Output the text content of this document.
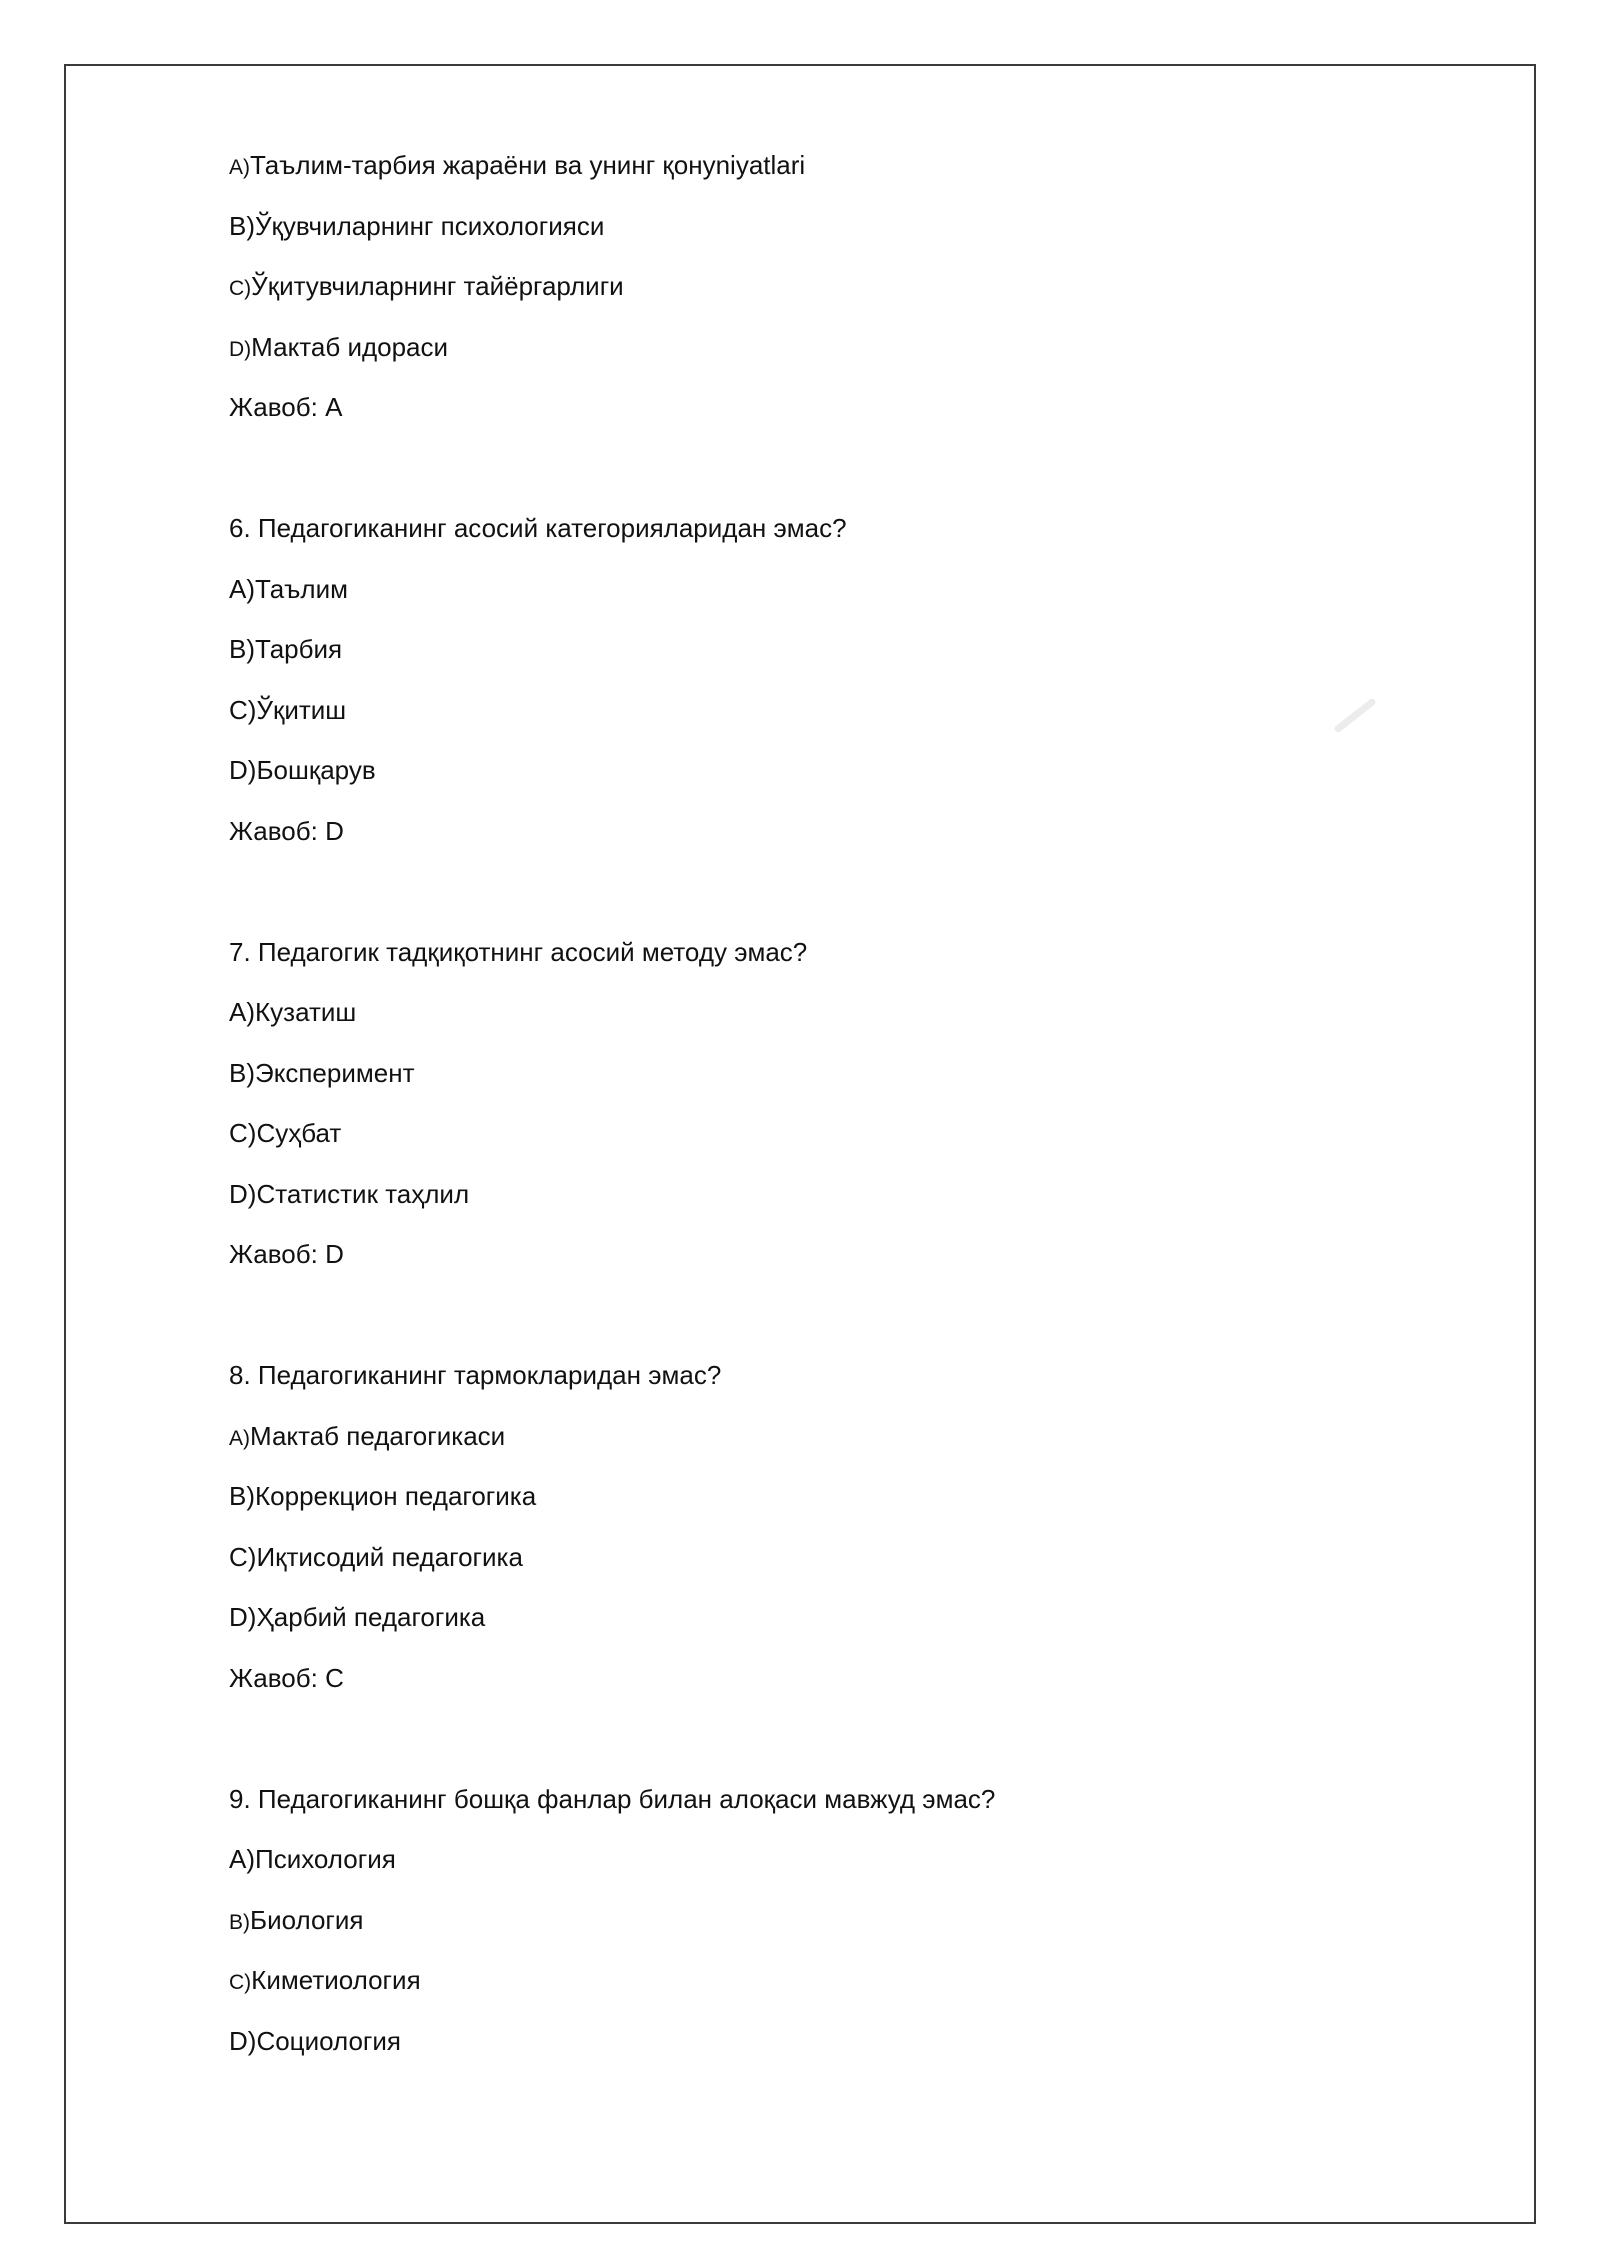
A)Таълим-тарбия жараёни ва унинг қонуniyatlari
B)Ўқувчиларнинг психологияси
C)Ўқитувчиларнинг тайёргарлиги
D)Мактаб идораси
Жавоб: A
6. Педагогиканинг асосий категорияларидан эмас?
A)Таълим
B)Тарбия
C)Ўқитиш
D)Бошқарув
Жавоб: D
7. Педагогик тадқиқотнинг асосий методу эмас?
A)Кузатиш
B)Эксперимент
C)Суҳбат
D)Статистик таҳлил
Жавоб: D
8. Педагогиканинг тармокларидан эмас?
A)Мактаб педагогикаси
B)Коррекцион педагогика
C)Иқтисодий педагогика
D)Ҳарбий педагогика
Жавоб: C
9. Педагогиканинг бошқа фанлар билан алоқаси мавжуд эмас?
A)Психология
B)Биология
C)Киметиология
D)Социология
